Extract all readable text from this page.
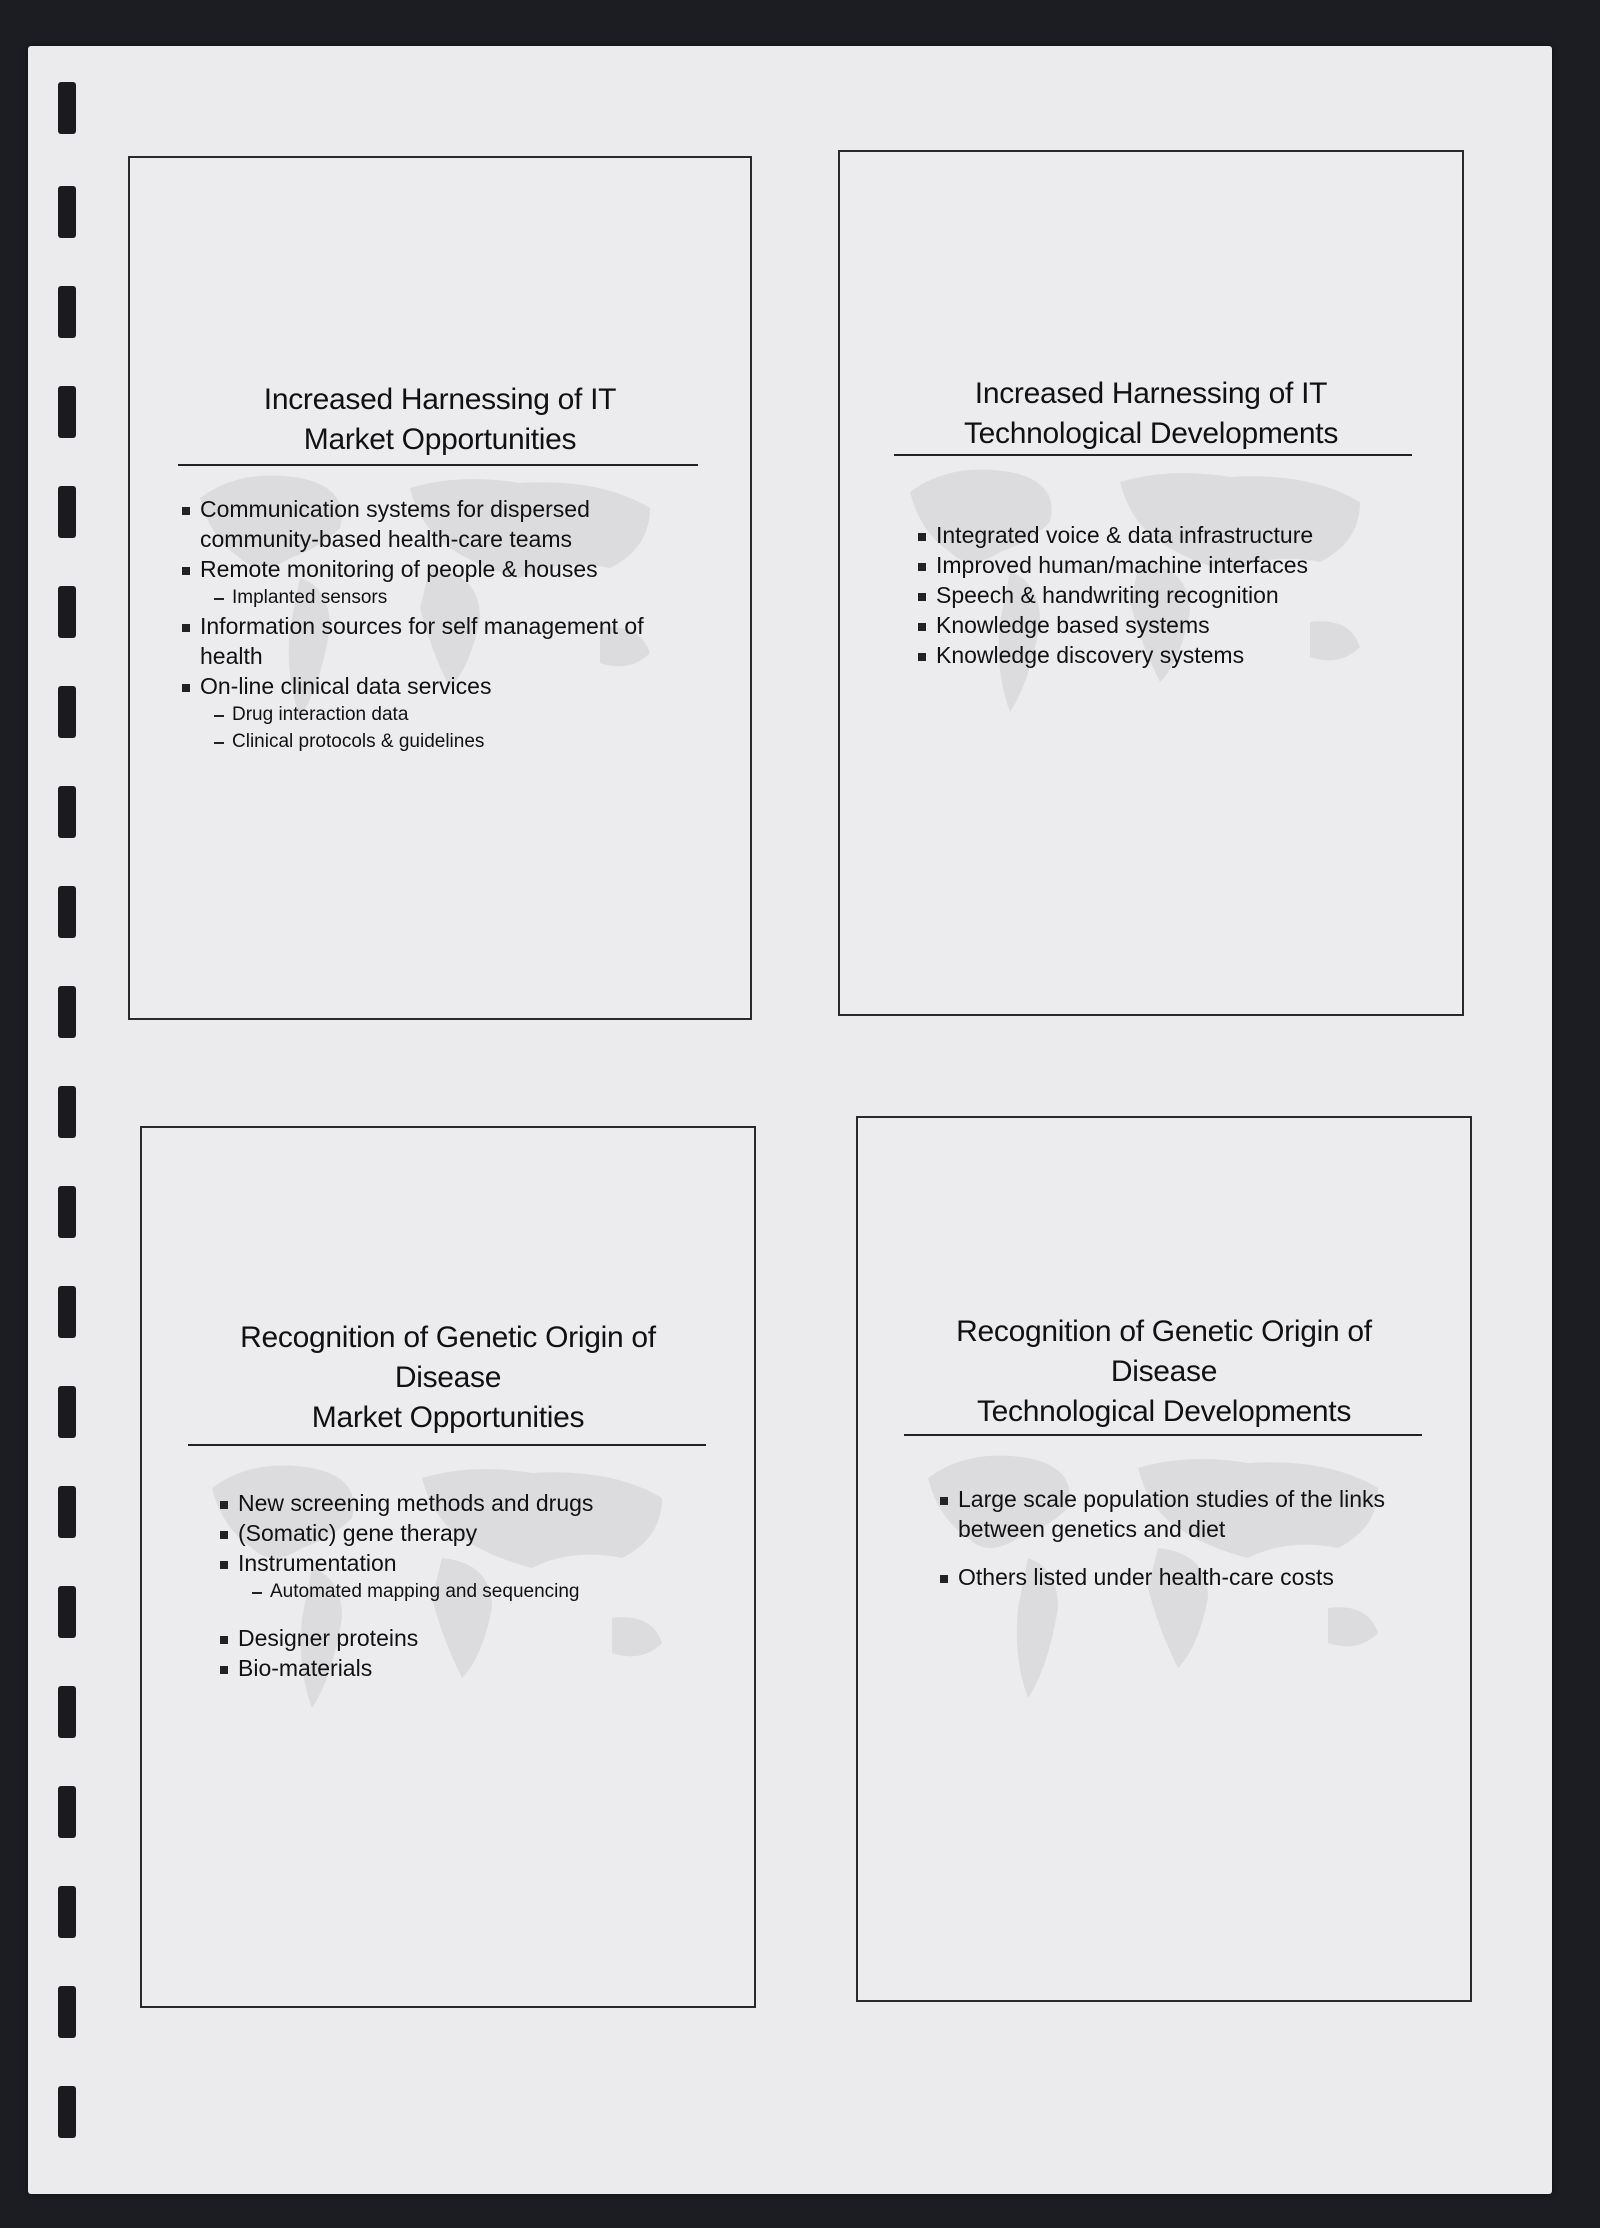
Increased Harnessing of IT
Market Opportunities
Communication systems for dispersed community-based health-care teams
Remote monitoring of people & houses
Implanted sensors
Information sources for self management of health
On-line clinical data services
Drug interaction data
Clinical protocols & guidelines
Increased Harnessing of IT
Technological Developments
Integrated voice & data infrastructure
Improved human/machine interfaces
Speech & handwriting recognition
Knowledge based systems
Knowledge discovery systems
Recognition of Genetic Origin of
Disease
Market Opportunities
New screening methods and drugs
(Somatic) gene therapy
Instrumentation
Automated mapping and sequencing
Designer proteins
Bio-materials
Recognition of Genetic Origin of
Disease
Technological Developments
Large scale population studies of the links between genetics and diet
Others listed under health-care costs
